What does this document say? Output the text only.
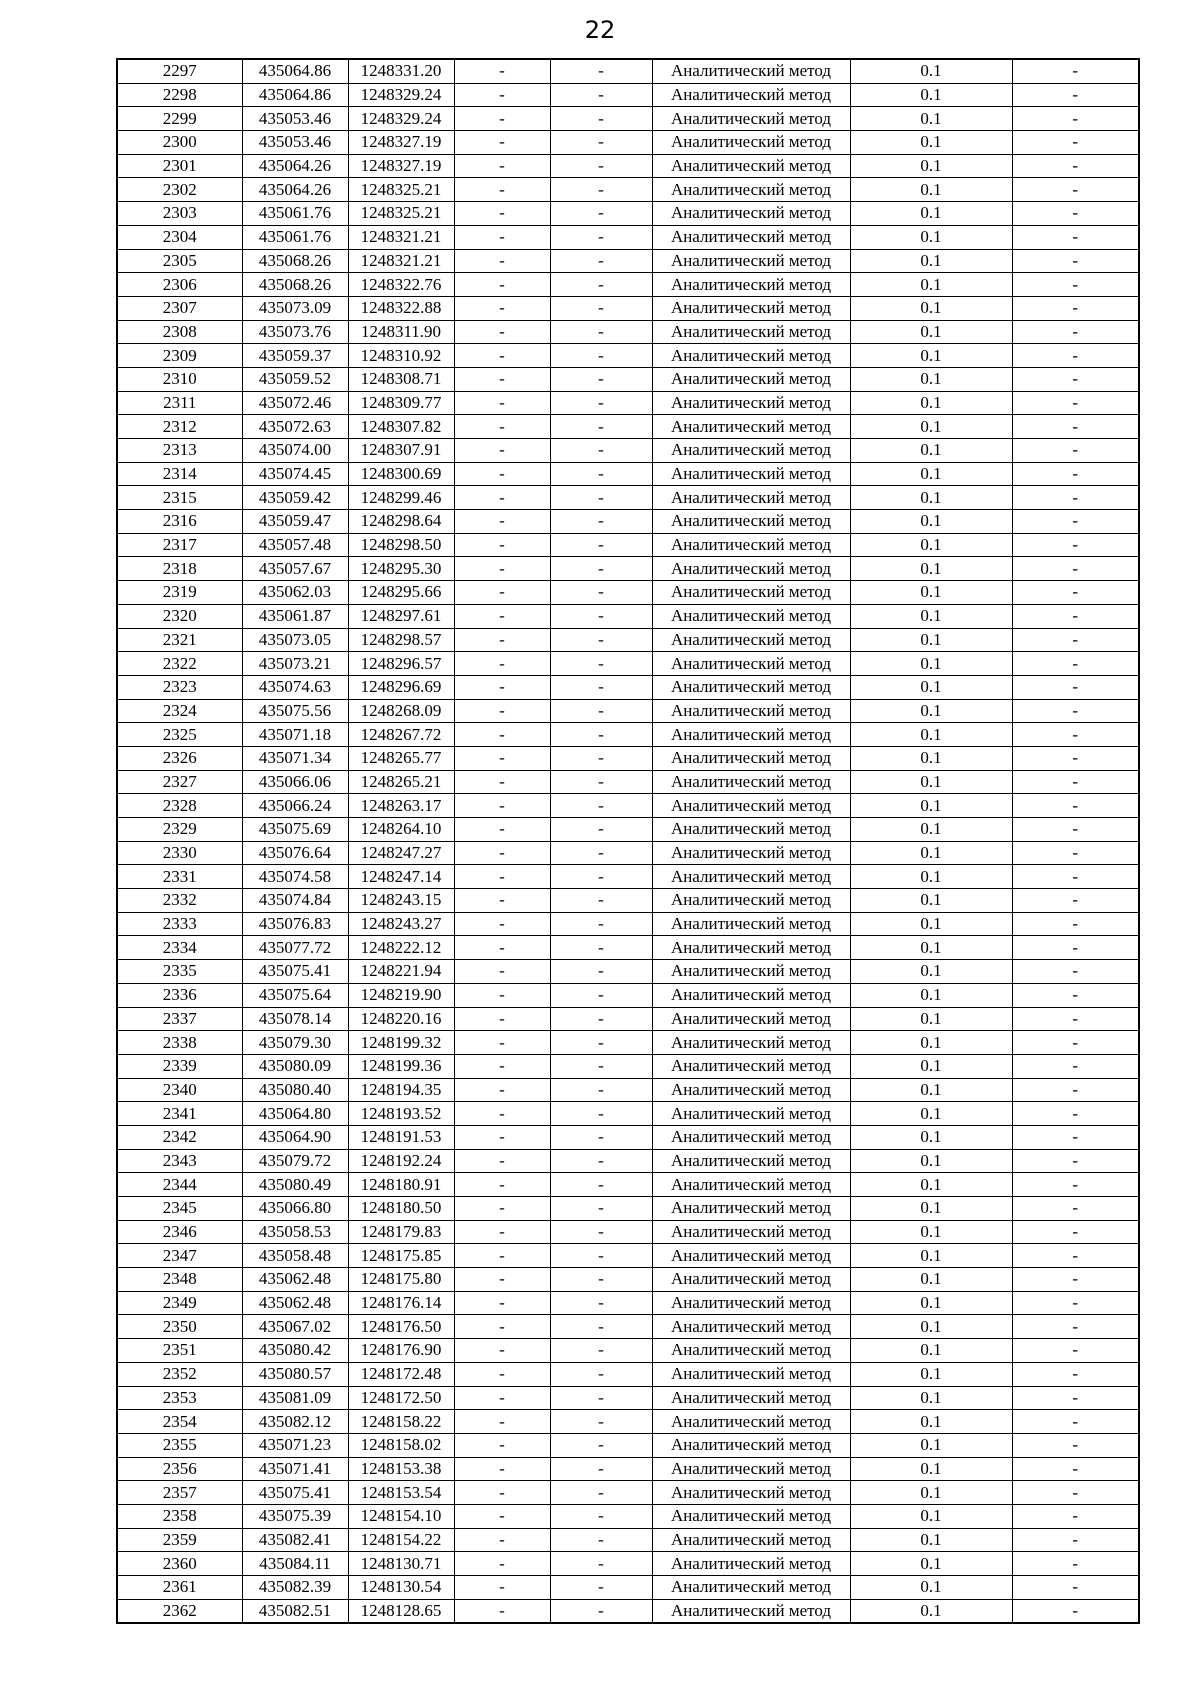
22
2297	435064.86	1248331.20	-	-	Аналитический метод	0.1	-
2298	435064.86	1248329.24	-	-	Аналитический метод	0.1	-
2299	435053.46	1248329.24	-	-	Аналитический метод	0.1	-
2300	435053.46	1248327.19	-	-	Аналитический метод	0.1	-
2301	435064.26	1248327.19	-	-	Аналитический метод	0.1	-
2302	435064.26	1248325.21	-	-	Аналитический метод	0.1	-
2303	435061.76	1248325.21	-	-	Аналитический метод	0.1	-
2304	435061.76	1248321.21	-	-	Аналитический метод	0.1	-
2305	435068.26	1248321.21	-	-	Аналитический метод	0.1	-
2306	435068.26	1248322.76	-	-	Аналитический метод	0.1	-
2307	435073.09	1248322.88	-	-	Аналитический метод	0.1	-
2308	435073.76	1248311.90	-	-	Аналитический метод	0.1	-
2309	435059.37	1248310.92	-	-	Аналитический метод	0.1	-
2310	435059.52	1248308.71	-	-	Аналитический метод	0.1	-
2311	435072.46	1248309.77	-	-	Аналитический метод	0.1	-
2312	435072.63	1248307.82	-	-	Аналитический метод	0.1	-
2313	435074.00	1248307.91	-	-	Аналитический метод	0.1	-
2314	435074.45	1248300.69	-	-	Аналитический метод	0.1	-
2315	435059.42	1248299.46	-	-	Аналитический метод	0.1	-
2316	435059.47	1248298.64	-	-	Аналитический метод	0.1	-
2317	435057.48	1248298.50	-	-	Аналитический метод	0.1	-
2318	435057.67	1248295.30	-	-	Аналитический метод	0.1	-
2319	435062.03	1248295.66	-	-	Аналитический метод	0.1	-
2320	435061.87	1248297.61	-	-	Аналитический метод	0.1	-
2321	435073.05	1248298.57	-	-	Аналитический метод	0.1	-
2322	435073.21	1248296.57	-	-	Аналитический метод	0.1	-
2323	435074.63	1248296.69	-	-	Аналитический метод	0.1	-
2324	435075.56	1248268.09	-	-	Аналитический метод	0.1	-
2325	435071.18	1248267.72	-	-	Аналитический метод	0.1	-
2326	435071.34	1248265.77	-	-	Аналитический метод	0.1	-
2327	435066.06	1248265.21	-	-	Аналитический метод	0.1	-
2328	435066.24	1248263.17	-	-	Аналитический метод	0.1	-
2329	435075.69	1248264.10	-	-	Аналитический метод	0.1	-
2330	435076.64	1248247.27	-	-	Аналитический метод	0.1	-
2331	435074.58	1248247.14	-	-	Аналитический метод	0.1	-
2332	435074.84	1248243.15	-	-	Аналитический метод	0.1	-
2333	435076.83	1248243.27	-	-	Аналитический метод	0.1	-
2334	435077.72	1248222.12	-	-	Аналитический метод	0.1	-
2335	435075.41	1248221.94	-	-	Аналитический метод	0.1	-
2336	435075.64	1248219.90	-	-	Аналитический метод	0.1	-
2337	435078.14	1248220.16	-	-	Аналитический метод	0.1	-
2338	435079.30	1248199.32	-	-	Аналитический метод	0.1	-
2339	435080.09	1248199.36	-	-	Аналитический метод	0.1	-
2340	435080.40	1248194.35	-	-	Аналитический метод	0.1	-
2341	435064.80	1248193.52	-	-	Аналитический метод	0.1	-
2342	435064.90	1248191.53	-	-	Аналитический метод	0.1	-
2343	435079.72	1248192.24	-	-	Аналитический метод	0.1	-
2344	435080.49	1248180.91	-	-	Аналитический метод	0.1	-
2345	435066.80	1248180.50	-	-	Аналитический метод	0.1	-
2346	435058.53	1248179.83	-	-	Аналитический метод	0.1	-
2347	435058.48	1248175.85	-	-	Аналитический метод	0.1	-
2348	435062.48	1248175.80	-	-	Аналитический метод	0.1	-
2349	435062.48	1248176.14	-	-	Аналитический метод	0.1	-
2350	435067.02	1248176.50	-	-	Аналитический метод	0.1	-
2351	435080.42	1248176.90	-	-	Аналитический метод	0.1	-
2352	435080.57	1248172.48	-	-	Аналитический метод	0.1	-
2353	435081.09	1248172.50	-	-	Аналитический метод	0.1	-
2354	435082.12	1248158.22	-	-	Аналитический метод	0.1	-
2355	435071.23	1248158.02	-	-	Аналитический метод	0.1	-
2356	435071.41	1248153.38	-	-	Аналитический метод	0.1	-
2357	435075.41	1248153.54	-	-	Аналитический метод	0.1	-
2358	435075.39	1248154.10	-	-	Аналитический метод	0.1	-
2359	435082.41	1248154.22	-	-	Аналитический метод	0.1	-
2360	435084.11	1248130.71	-	-	Аналитический метод	0.1	-
2361	435082.39	1248130.54	-	-	Аналитический метод	0.1	-
2362	435082.51	1248128.65	-	-	Аналитический метод	0.1	-
